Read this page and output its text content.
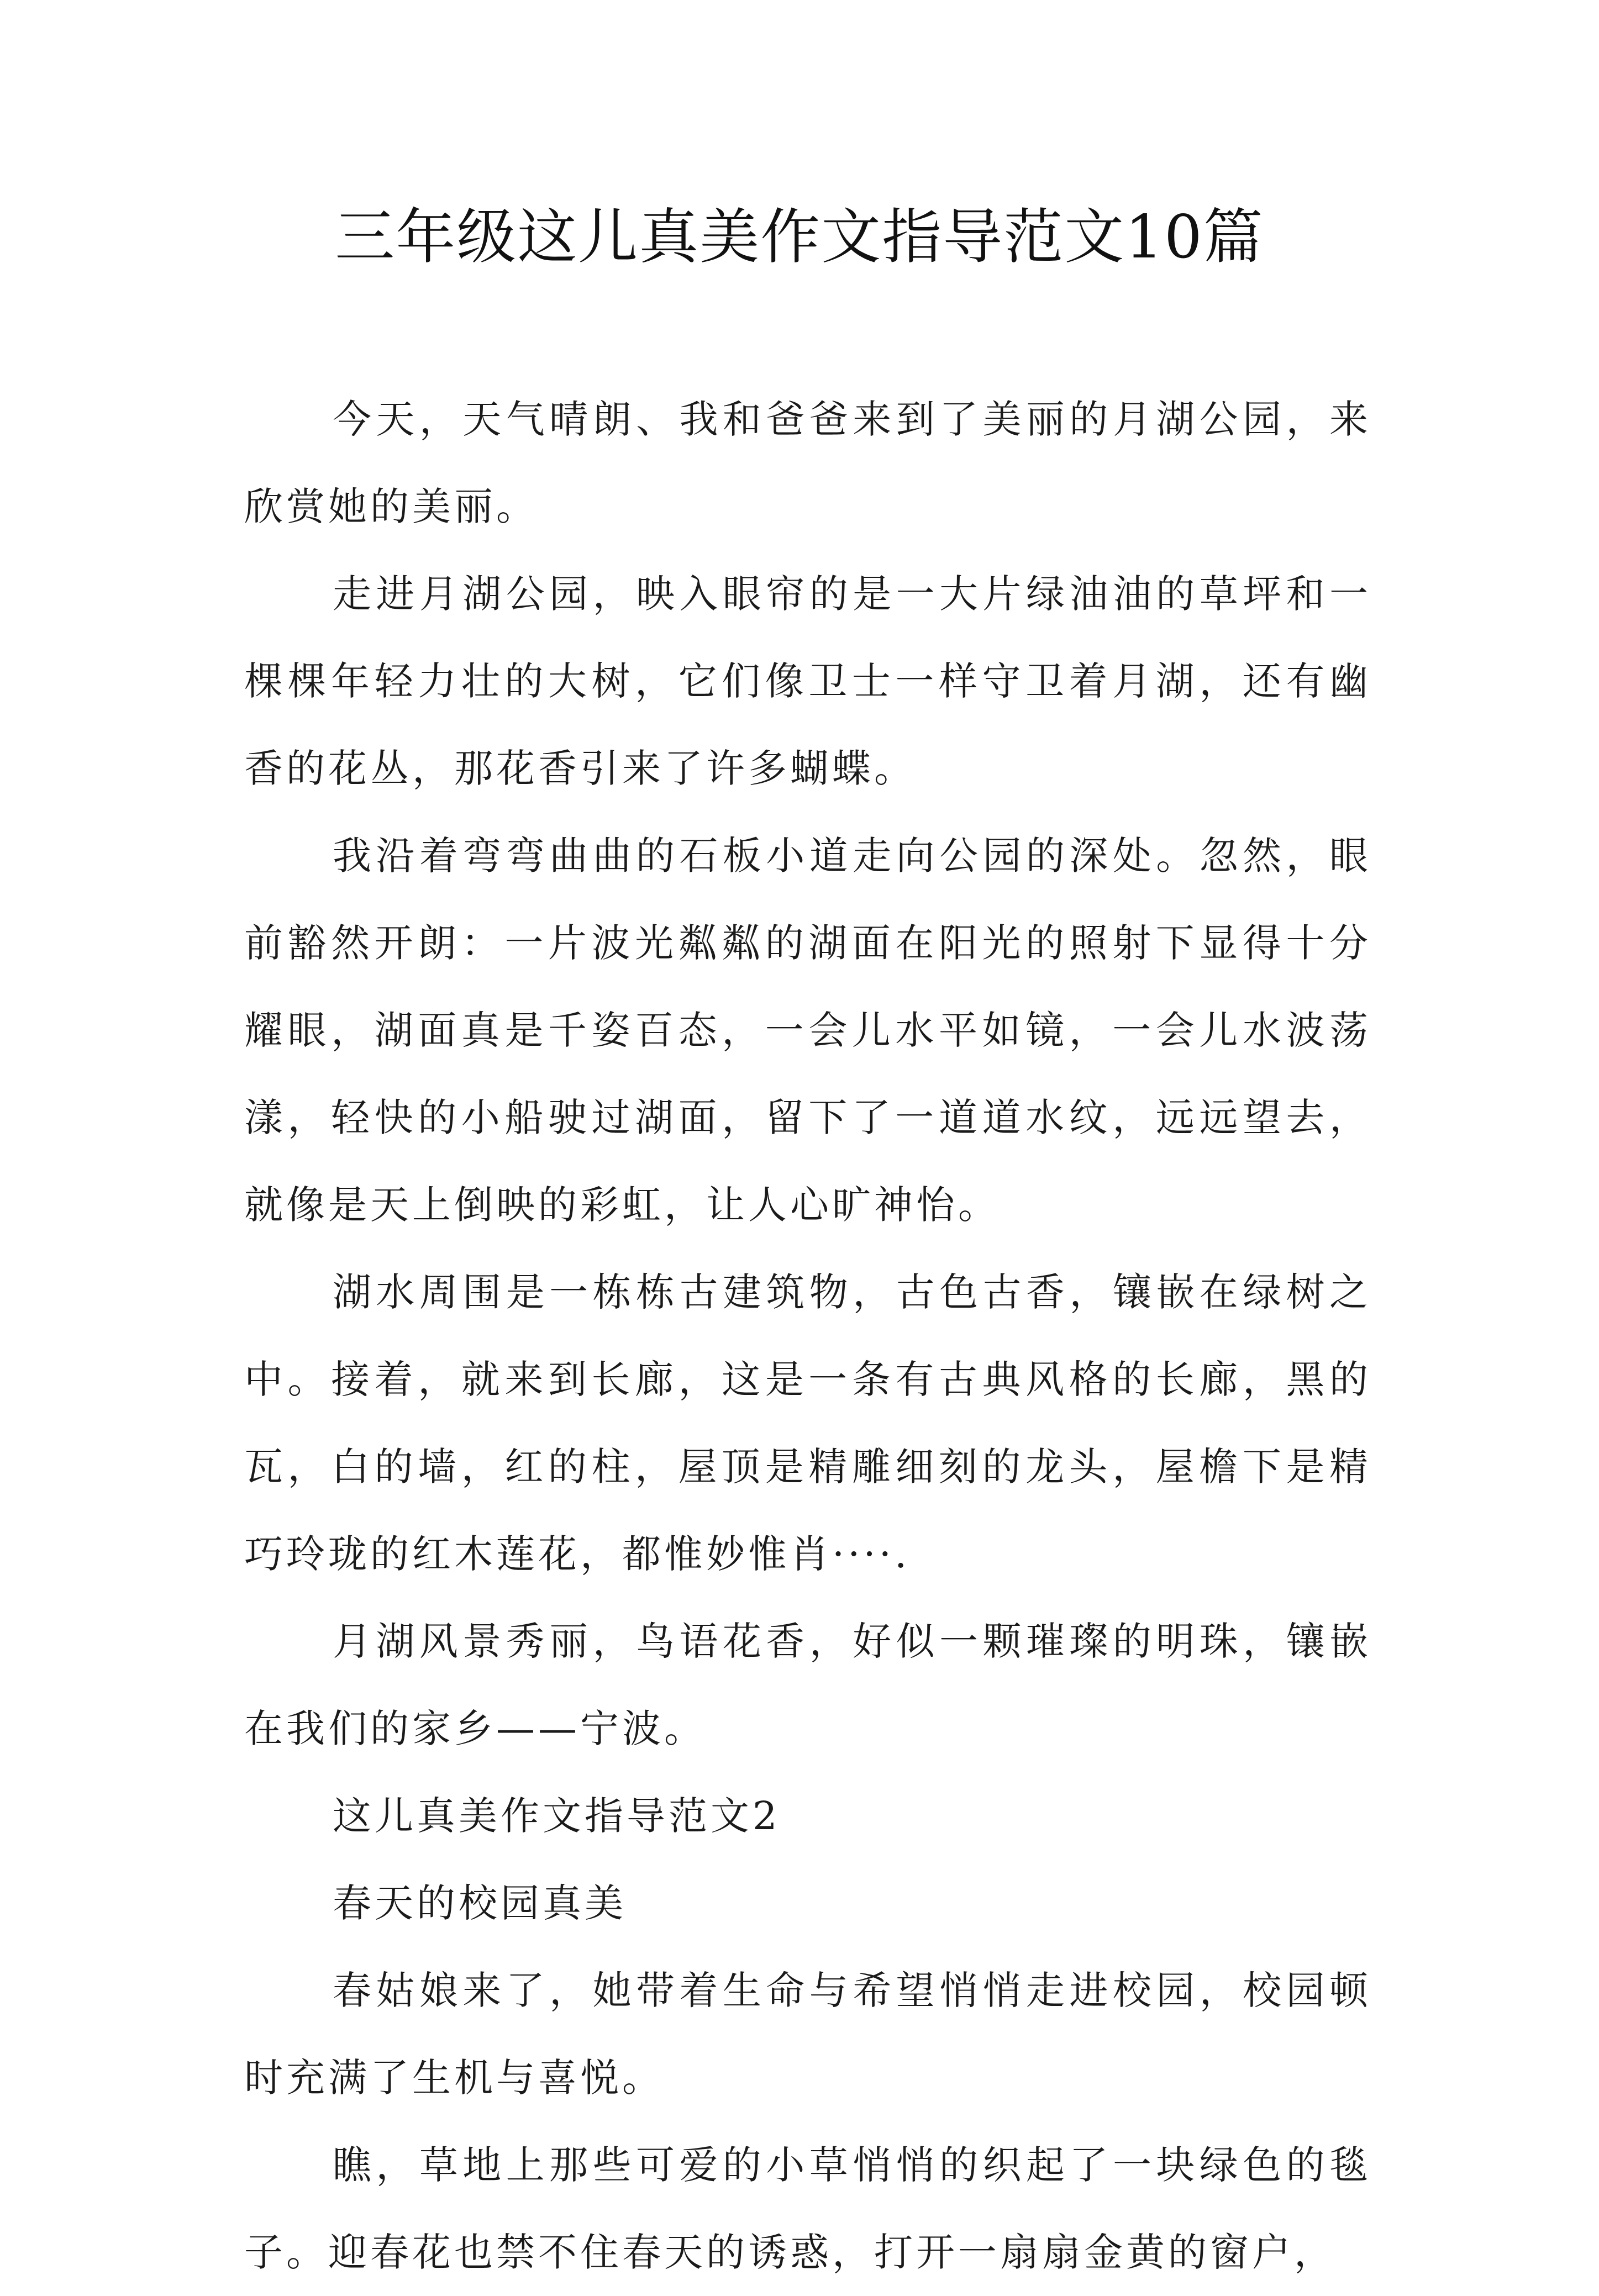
三年级这儿真美作文指导范文10篇

今天，天气晴朗、我和爸爸来到了美丽的月湖公园，来欣赏她的美丽。

走进月湖公园，映入眼帘的是一大片绿油油的草坪和一棵棵年轻力壮的大树，它们像卫士一样守卫着月湖，还有幽香的花丛，那花香引来了许多蝴蝶。

我沿着弯弯曲曲的石板小道走向公园的深处。忽然，眼前豁然开朗：一片波光粼粼的湖面在阳光的照射下显得十分耀眼，湖面真是千姿百态，一会儿水平如镜，一会儿水波荡漾，轻快的小船驶过湖面，留下了一道道水纹，远远望去，就像是天上倒映的彩虹，让人心旷神怡。

湖水周围是一栋栋古建筑物，古色古香，镶嵌在绿树之中。接着，就来到长廊，这是一条有古典风格的长廊，黑的瓦，白的墙，红的柱，屋顶是精雕细刻的龙头，屋檐下是精巧玲珑的红木莲花，都惟妙惟肖····.

月湖风景秀丽，鸟语花香，好似一颗璀璨的明珠，镶嵌在我们的家乡——宁波。

这儿真美作文指导范文2

春天的校园真美

春姑娘来了，她带着生命与希望悄悄走进校园，校园顿时充满了生机与喜悦。

瞧，草地上那些可爱的小草悄悄的织起了一块绿色的毯子。迎春花也禁不住春天的诱惑，打开一扇扇金黄的窗户，
